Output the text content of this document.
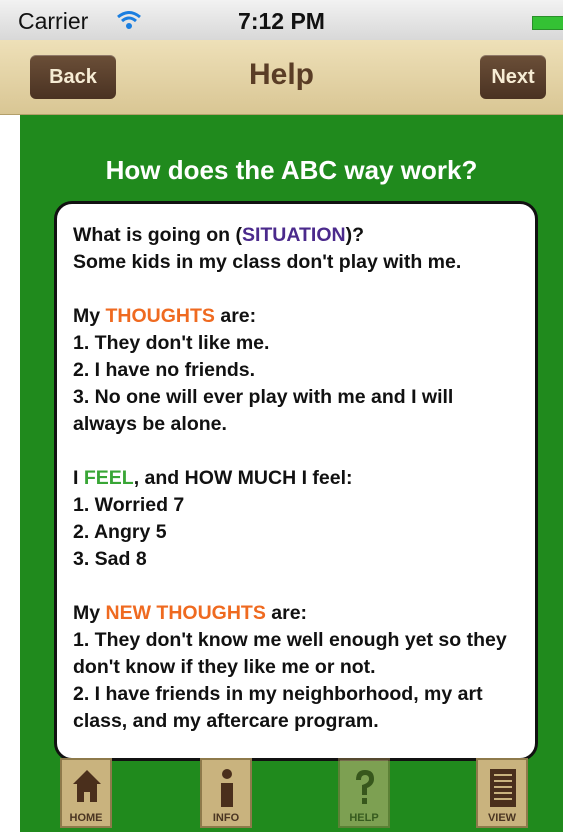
Carrier	7:12 PM
Back	Help	Next
How does the ABC way work?

What is going on (SITUATION)?

Some kids in my class don't play with me.

My THOUGHTS are:

1. They don't like me.

2. I have no friends.

3. No one will ever play with me and I will always be alone.

I FEEL, and HOW MUCH I feel:

1. Worried 7

2. Angry 5

3. Sad 8

My NEW THOUGHTS are:

1. They don't know me well enough yet so they don't know if they like me or not.

2. I have friends in my neighborhood, my art class, and my aftercare program.

HOME	INFO	HELP	VIEW
